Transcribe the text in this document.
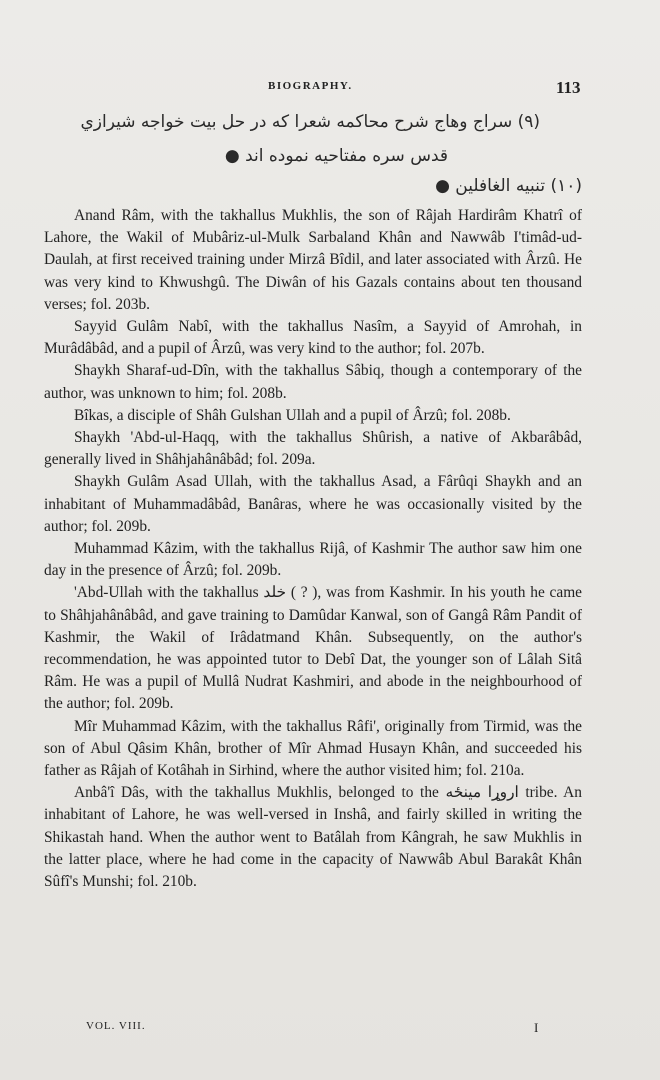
BIOGRAPHY.	113
(٩) سراج وهاج شرح محاكمه شعرا كه در حل بيت خواجه شيرازي
قدس سره مفتاحيه نموده اند ●
(١٠) تنبيه الغافلين ●

Anand Râm, with the takhallus Mukhlis, the son of Râjah Hardirâm Khatrî of Lahore, the Wakil of Mubâriz-ul-Mulk Sarbaland Khân and Nawwâb I'timâd-ud-Daulah, at first received training under Mirzâ Bîdil, and later associated with Ârzû. He was very kind to Khwushgû. The Diwân of his Gazals contains about ten thousand verses; fol. 203b.

Sayyid Gulâm Nabî, with the takhallus Nasîm, a Sayyid of Amrohah, in Murâdâbâd, and a pupil of Ârzû, was very kind to the author; fol. 207b.

Shaykh Sharaf-ud-Dîn, with the takhallus Sâbiq, though a contemporary of the author, was unknown to him; fol. 208b.

Bîkas, a disciple of Shâh Gulshan Ullah and a pupil of Ârzû; fol. 208b.

Shaykh 'Abd-ul-Haqq, with the takhallus Shûrish, a native of Akbarâbâd, generally lived in Shâhjahânâbâd; fol. 209a.

Shaykh Gulâm Asad Ullah, with the takhallus Asad, a Fârûqi Shaykh and an inhabitant of Muhammadâbâd, Banâras, where he was occasionally visited by the author; fol. 209b.

Muhammad Kâzim, with the takhallus Rijâ, of Kashmir The author saw him one day in the presence of Ârzû; fol. 209b.

'Abd-Ullah with the takhallus خلد ( ? ), was from Kashmir. In his youth he came to Shâhjahânâbâd, and gave training to Damûdar Kanwal, son of Gangâ Râm Pandit of Kashmir, the Wakil of Irâdatmand Khân. Subsequently, on the author's recommendation, he was appointed tutor to Debî Dat, the younger son of Lâlah Sitâ Râm. He was a pupil of Mullâ Nudrat Kashmiri, and abode in the neighbourhood of the author; fol. 209b.

Mîr Muhammad Kâzim, with the takhallus Râfi', originally from Tirmid, was the son of Abul Qâsim Khân, brother of Mîr Ahmad Husayn Khân, and succeeded his father as Râjah of Kotâhah in Sirhind, where the author visited him; fol. 210a.

Anbâ'î Dâs, with the takhallus Mukhlis, belonged to the اروړا مینځه tribe. An inhabitant of Lahore, he was well-versed in Inshâ, and fairly skilled in writing the Shikastah hand. When the author went to Batâlah from Kângrah, he saw Mukhlis in the latter place, where he had come in the capacity of Nawwâb Abul Barakât Khân Sûfî's Munshi; fol. 210b.

VOL. VIII.	I
